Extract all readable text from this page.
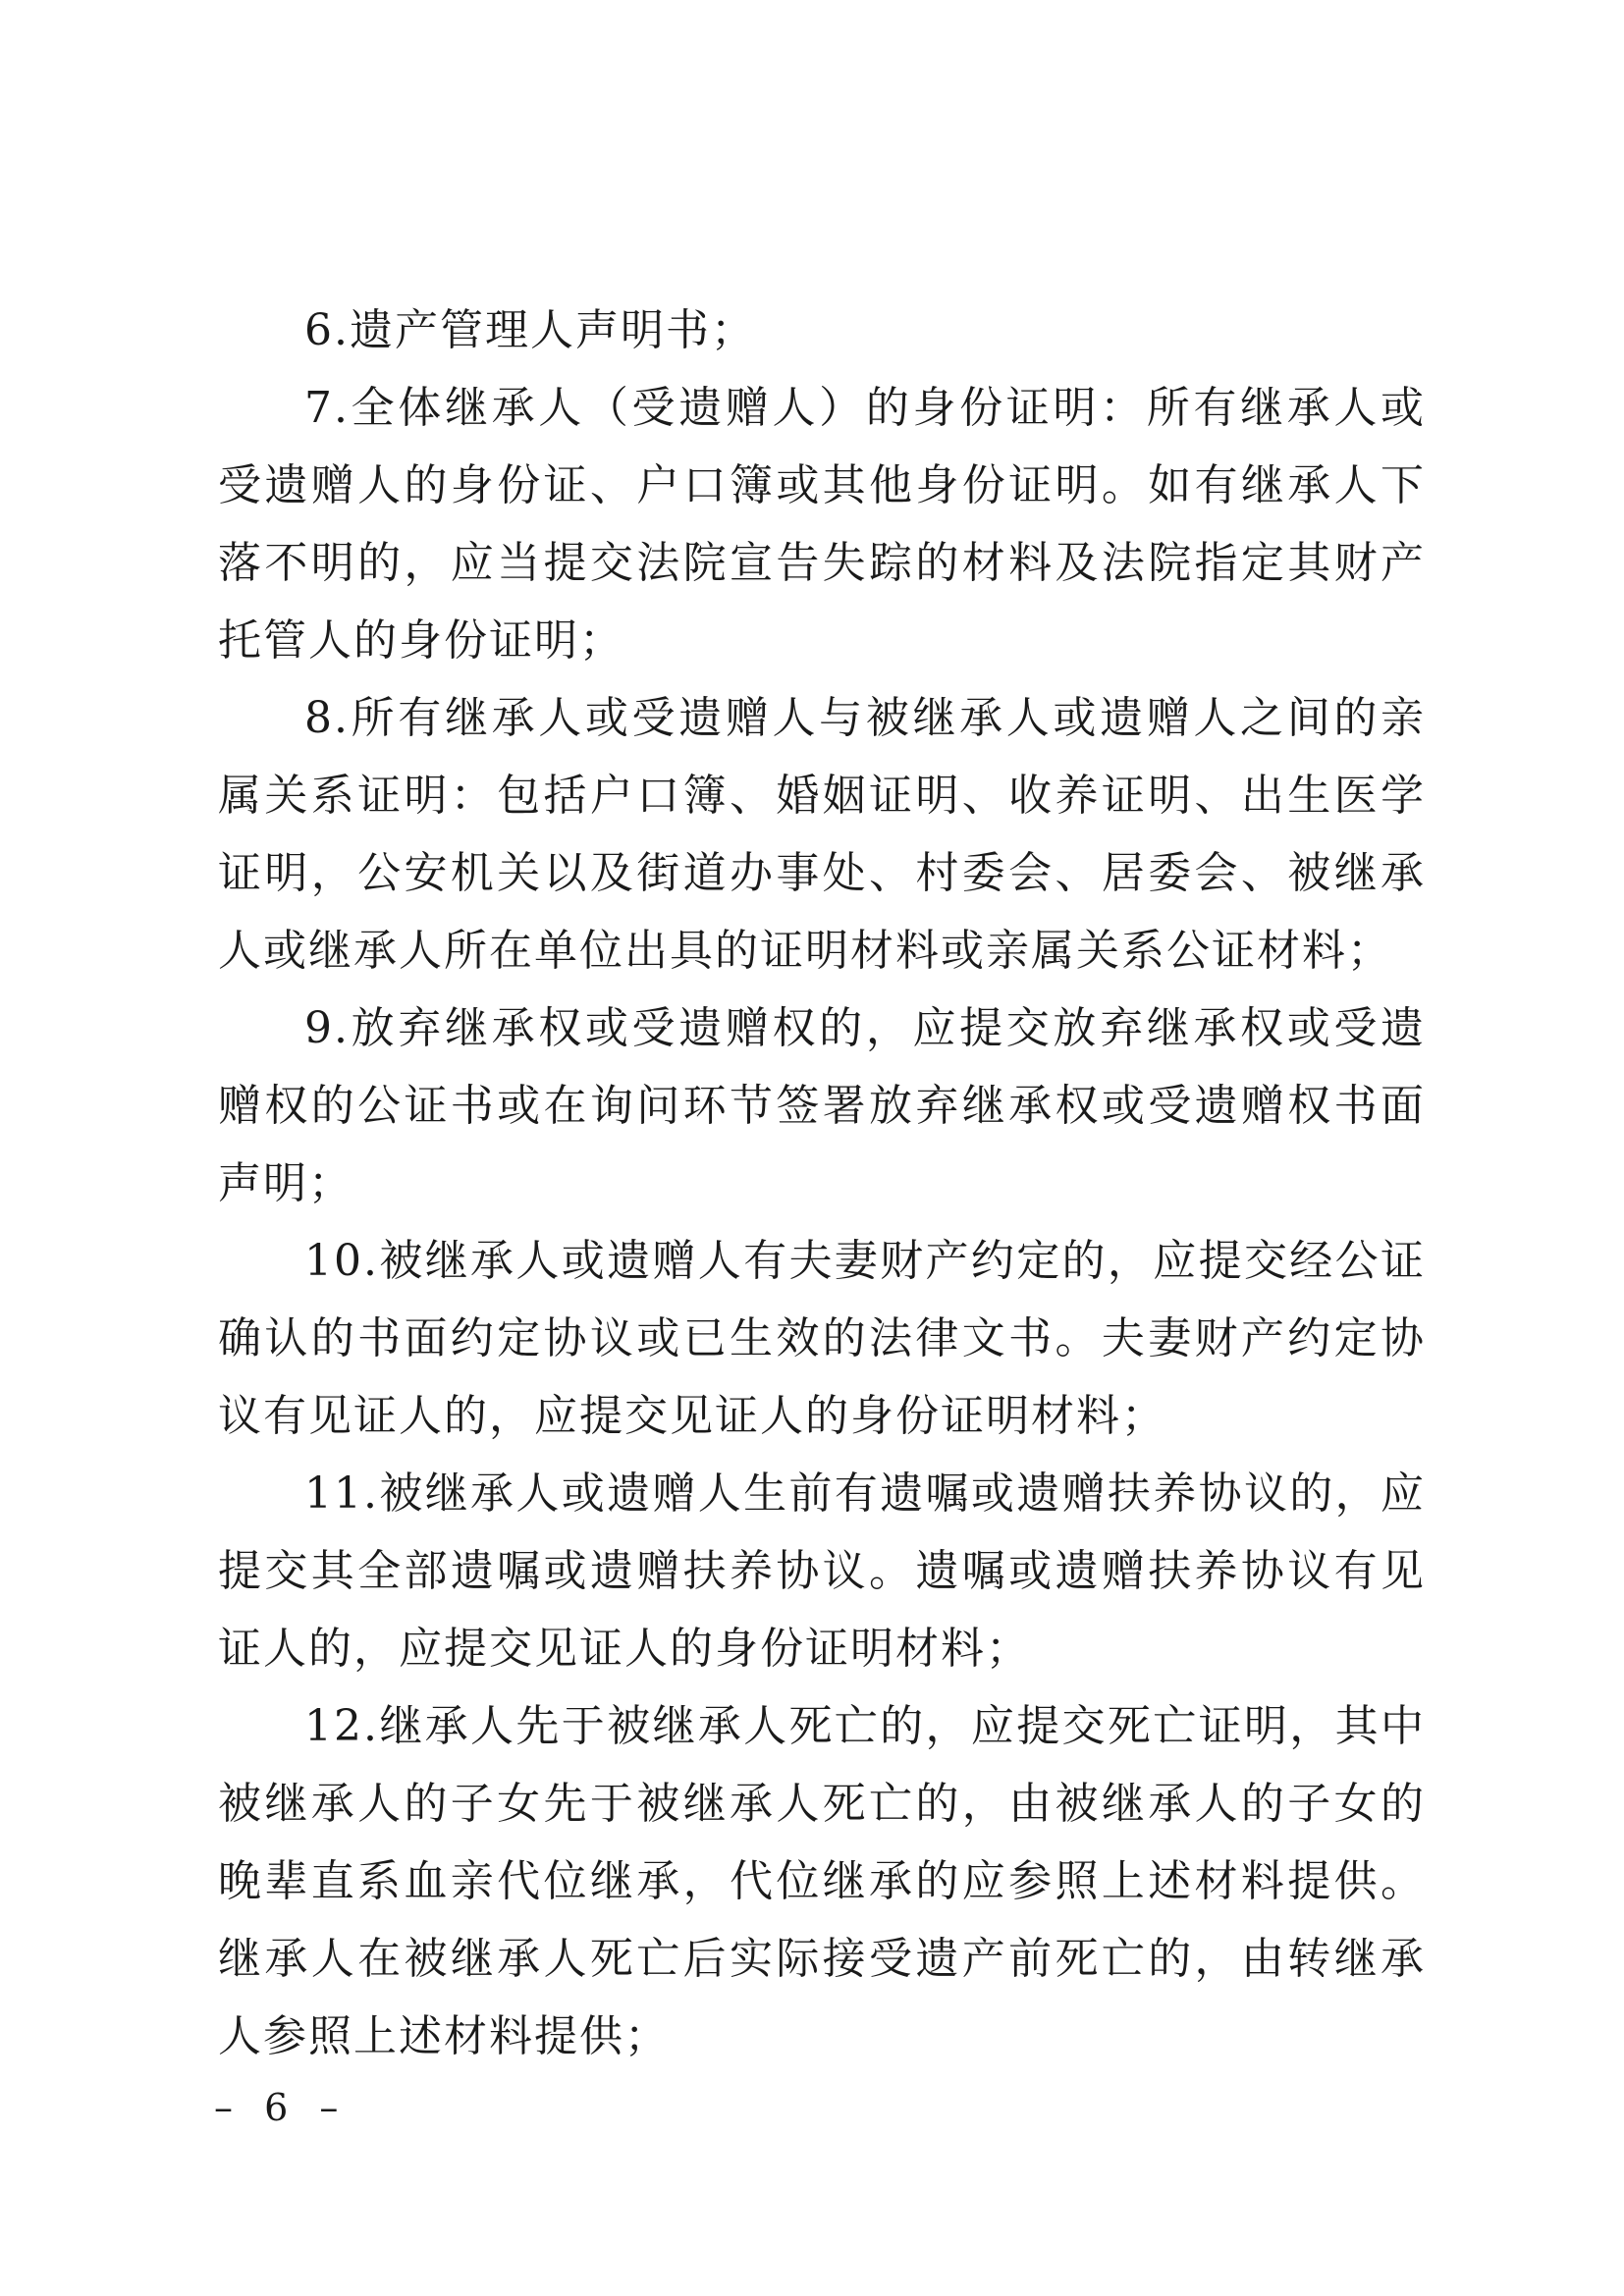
6.遗产管理人声明书；

7.全体继承人（受遗赠人）的身份证明：所有继承人或受遗赠人的身份证、户口簿或其他身份证明。如有继承人下落不明的，应当提交法院宣告失踪的材料及法院指定其财产托管人的身份证明；

8.所有继承人或受遗赠人与被继承人或遗赠人之间的亲属关系证明：包括户口簿、婚姻证明、收养证明、出生医学证明，公安机关以及街道办事处、村委会、居委会、被继承人或继承人所在单位出具的证明材料或亲属关系公证材料；

9.放弃继承权或受遗赠权的，应提交放弃继承权或受遗赠权的公证书或在询问环节签署放弃继承权或受遗赠权书面声明；

10.被继承人或遗赠人有夫妻财产约定的，应提交经公证确认的书面约定协议或已生效的法律文书。夫妻财产约定协议有见证人的，应提交见证人的身份证明材料；

11.被继承人或遗赠人生前有遗嘱或遗赠扶养协议的，应提交其全部遗嘱或遗赠扶养协议。遗嘱或遗赠扶养协议有见证人的，应提交见证人的身份证明材料；

12.继承人先于被继承人死亡的，应提交死亡证明，其中被继承人的子女先于被继承人死亡的，由被继承人的子女的晚辈直系血亲代位继承，代位继承的应参照上述材料提供。继承人在被继承人死亡后实际接受遗产前死亡的，由转继承人参照上述材料提供；

– 6 –
